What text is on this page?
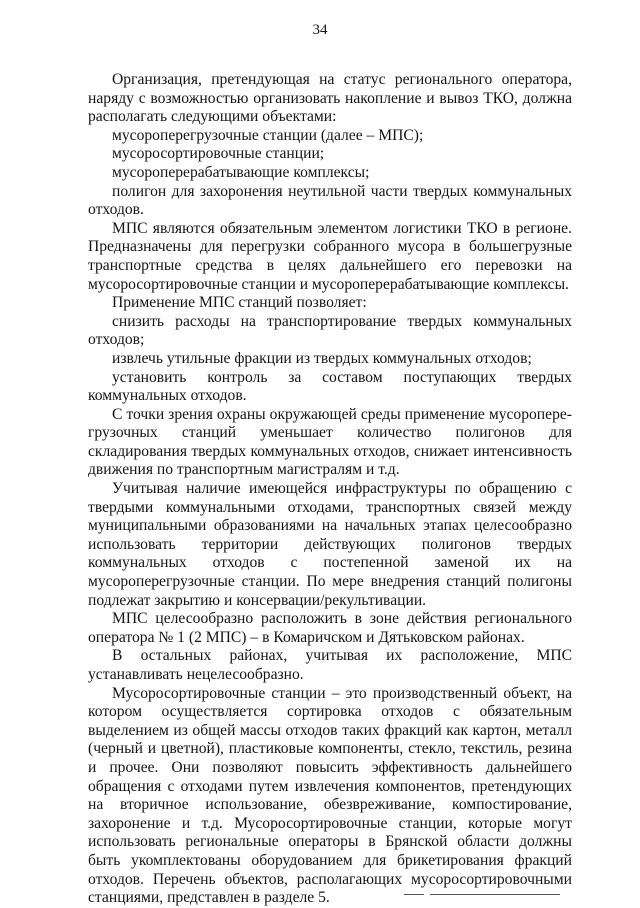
34

Организация, претендующая на статус регионального оператора, наряду с возможностью организовать накопление и вывоз ТКО, должна располагать следующими объектами:

мусороперегрузочные станции (далее – МПС);

мусоросортировочные станции;

мусороперерабатывающие комплексы;

полигон для захоронения неутильной части твердых коммунальных отходов.

МПС являются обязательным элементом логистики ТКО в регионе. Предназначены для перегрузки собранного мусора в большегрузные транспортные средства в целях дальнейшего его перевозки на мусоросортировочные станции и мусороперерабатывающие комплексы.

Применение МПС станций позволяет:

снизить расходы на транспортирование твердых коммунальных отходов;

извлечь утильные фракции из твердых коммунальных отходов;

установить контроль за составом поступающих твердых коммунальных отходов.

С точки зрения охраны окружающей среды применение мусороперегрузочных станций уменьшает количество полигонов для складирования твердых коммунальных отходов, снижает интенсивность движения по транспортным магистралям и т.д.

Учитывая наличие имеющейся инфраструктуры по обращению с твердыми коммунальными отходами, транспортных связей между муниципальными образованиями на начальных этапах целесообразно использовать территории действующих полигонов твердых коммунальных отходов с постепенной заменой их на мусороперегрузочные станции. По мере внедрения станций полигоны подлежат закрытию и консервации/рекультивации.

МПС целесообразно расположить в зоне действия регионального оператора № 1 (2 МПС) – в Комаричском и Дятьковском районах.

В остальных районах, учитывая их расположение, МПС устанавливать нецелесообразно.

Мусоросортировочные станции – это производственный объект, на котором осуществляется сортировка отходов с обязательным выделением из общей массы отходов таких фракций как картон, металл (черный и цветной), пластиковые компоненты, стекло, текстиль, резина и прочее. Они позволяют повысить эффективность дальнейшего обращения с отходами путем извлечения компонентов, претендующих на вторичное использование, обезвреживание, компостирование, захоронение и т.д. Мусоросортировочные станции, которые могут использовать региональные операторы в Брянской области должны быть укомплектованы оборудованием для брикетирования фракций отходов. Перечень объектов, располагающих мусоросортировочными станциями, представлен в разделе 5.
